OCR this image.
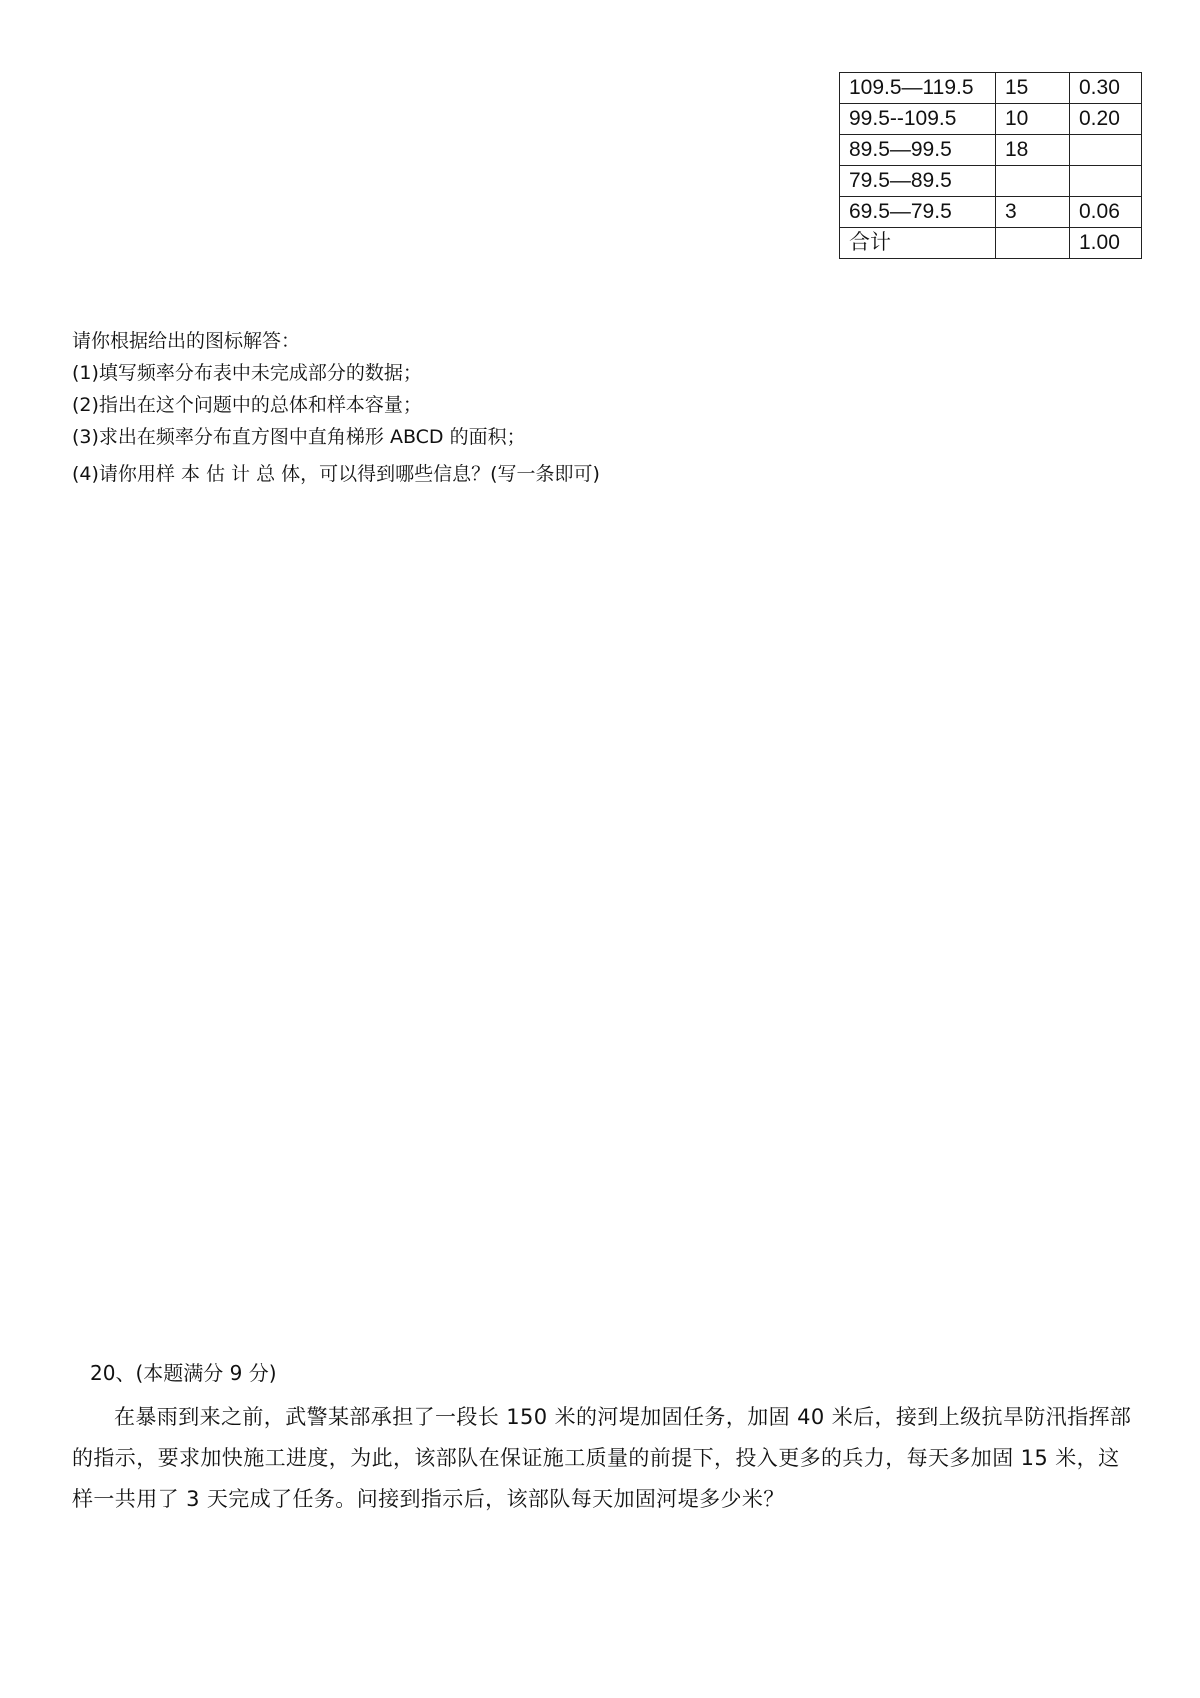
109.5—119.5	15	0.30
99.5--109.5	10	0.20
89.5—99.5	18	
79.5—89.5		
69.5—79.5	3	0.06
合计		1.00
请你根据给出的图标解答：
(1)填写频率分布表中未完成部分的数据；
(2)指出在这个问题中的总体和样本容量；
(3)求出在频率分布直方图中直角梯形 ABCD 的面积；
(4)请你用样 本 估 计 总 体，可以得到哪些信息？(写一条即可)
20、(本题满分 9 分)
在暴雨到来之前，武警某部承担了一段长 150 米的河堤加固任务，加固 40 米后，接到上级抗旱防汛指挥部的指示，要求加快施工进度，为此，该部队在保证施工质量的前提下，投入更多的兵力，每天多加固 15 米，这样一共用了 3 天完成了任务。问接到指示后，该部队每天加固河堤多少米？
